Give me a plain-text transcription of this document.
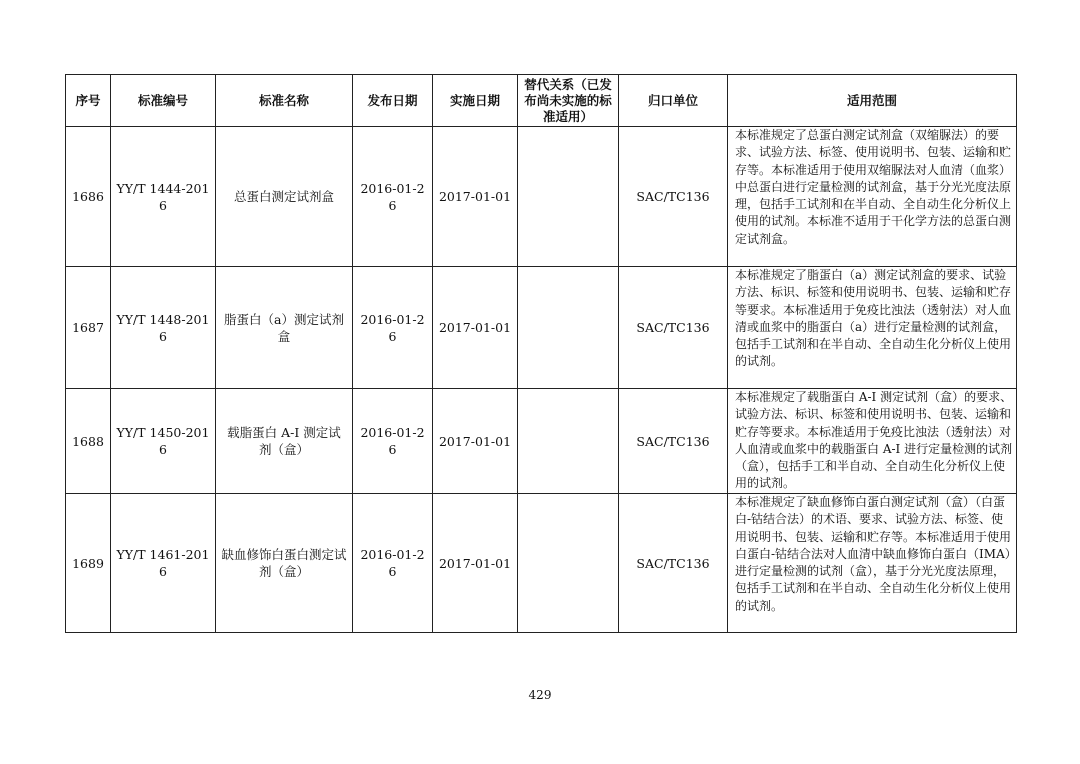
序号	标准编号	标准名称	发布日期	实施日期	替代关系（已发布尚未实施的标准适用）	归口单位	适用范围
1686	YY/T 1444-2016	总蛋白测定试剂盒	2016-01-26	2017-01-01		SAC/TC136	本标准规定了总蛋白测定试剂盒（双缩脲法）的要求、试验方法、标签、使用说明书、包装、运输和贮存等。本标准适用于使用双缩脲法对人血清（血浆）中总蛋白进行定量检测的试剂盒，基于分光光度法原理，包括手工试剂和在半自动、全自动生化分析仪上使用的试剂。本标准不适用于干化学方法的总蛋白测定试剂盒。
1687	YY/T 1448-2016	脂蛋白（a）测定试剂盒	2016-01-26	2017-01-01		SAC/TC136	本标准规定了脂蛋白（a）测定试剂盒的要求、试验方法、标识、标签和使用说明书、包装、运输和贮存等要求。本标准适用于免疫比浊法（透射法）对人血清或血浆中的脂蛋白（a）进行定量检测的试剂盒，包括手工试剂和在半自动、全自动生化分析仪上使用的试剂。
1688	YY/T 1450-2016	载脂蛋白 A-I 测定试剂（盒）	2016-01-26	2017-01-01		SAC/TC136	本标准规定了载脂蛋白 A-I 测定试剂（盒）的要求、试验方法、标识、标签和使用说明书、包装、运输和贮存等要求。本标准适用于免疫比浊法（透射法）对人血清或血浆中的载脂蛋白 A-I 进行定量检测的试剂（盒），包括手工和半自动、全自动生化分析仪上使用的试剂。
1689	YY/T 1461-2016	缺血修饰白蛋白测定试剂（盒）	2016-01-26	2017-01-01		SAC/TC136	本标准规定了缺血修饰白蛋白测定试剂（盒）（白蛋白-钴结合法）的术语、要求、试验方法、标签、使用说明书、包装、运输和贮存等。本标准适用于使用白蛋白-钴结合法对人血清中缺血修饰白蛋白（IMA）进行定量检测的试剂（盒），基于分光光度法原理，包括手工试剂和在半自动、全自动生化分析仪上使用的试剂。
429
